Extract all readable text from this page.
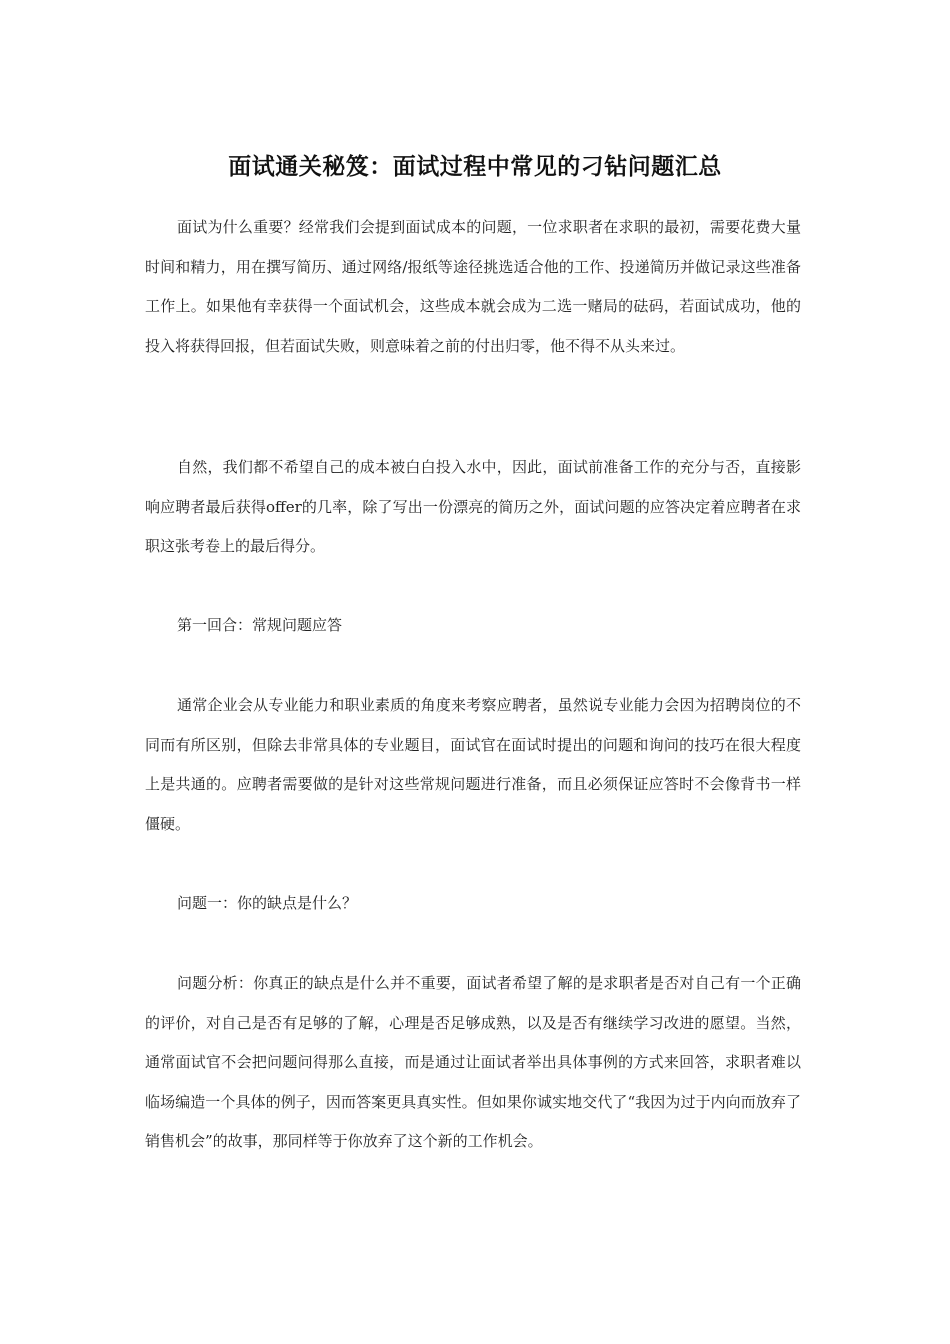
面试通关秘笈：面试过程中常见的刁钻问题汇总

面试为什么重要？经常我们会提到面试成本的问题，一位求职者在求职的最初，需要花费大量时间和精力，用在撰写简历、通过网络/报纸等途径挑选适合他的工作、投递简历并做记录这些准备工作上。如果他有幸获得一个面试机会，这些成本就会成为二选一赌局的砝码，若面试成功，他的投入将获得回报，但若面试失败，则意味着之前的付出归零，他不得不从头来过。

自然，我们都不希望自己的成本被白白投入水中，因此，面试前准备工作的充分与否，直接影响应聘者最后获得offer的几率，除了写出一份漂亮的简历之外，面试问题的应答决定着应聘者在求职这张考卷上的最后得分。

第一回合：常规问题应答

通常企业会从专业能力和职业素质的角度来考察应聘者，虽然说专业能力会因为招聘岗位的不同而有所区别，但除去非常具体的专业题目，面试官在面试时提出的问题和询问的技巧在很大程度上是共通的。应聘者需要做的是针对这些常规问题进行准备，而且必须保证应答时不会像背书一样僵硬。

问题一：你的缺点是什么？

问题分析：你真正的缺点是什么并不重要，面试者希望了解的是求职者是否对自己有一个正确的评价，对自己是否有足够的了解，心理是否足够成熟，以及是否有继续学习改进的愿望。当然，通常面试官不会把问题问得那么直接，而是通过让面试者举出具体事例的方式来回答，求职者难以临场编造一个具体的例子，因而答案更具真实性。但如果你诚实地交代了“我因为过于内向而放弃了销售机会”的故事，那同样等于你放弃了这个新的工作机会。
